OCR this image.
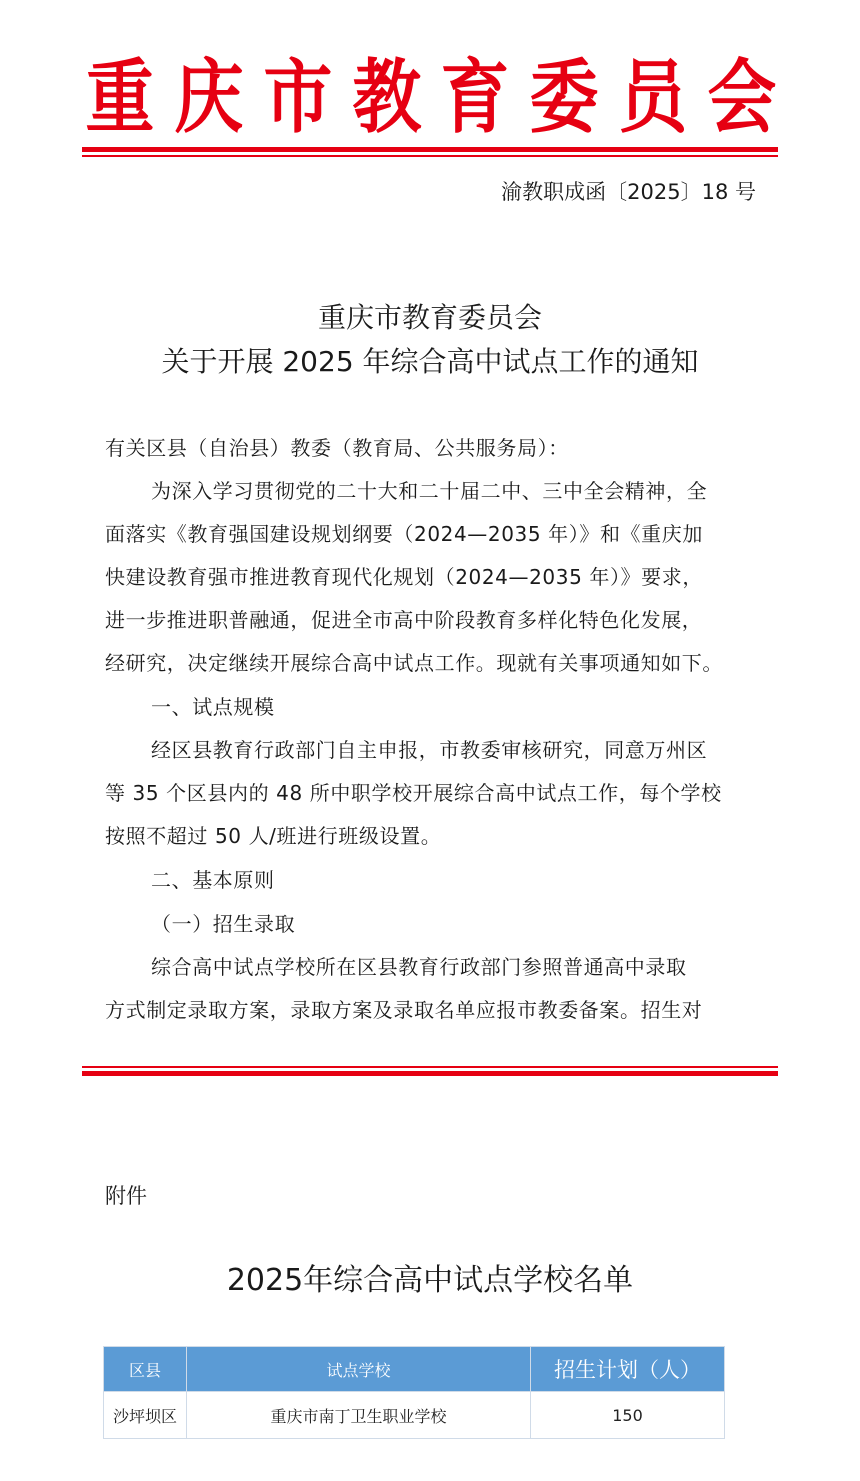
重 庆 市 教 育 委 员 会

渝教职成函〔2025〕18 号

重庆市教育委员会

关于开展 2025 年综合高中试点工作的通知

有关区县（自治县）教委（教育局、公共服务局）：

为深入学习贯彻党的二十大和二十届二中、三中全会精神，全
面落实《教育强国建设规划纲要（2024—2035 年）》和《重庆加
快建设教育强市推进教育现代化规划（2024—2035 年）》要求，
进一步推进职普融通，促进全市高中阶段教育多样化特色化发展，
经研究，决定继续开展综合高中试点工作。现就有关事项通知如下。

一、试点规模

经区县教育行政部门自主申报，市教委审核研究，同意万州区
等 35 个区县内的 48 所中职学校开展综合高中试点工作，每个学校
按照不超过 50 人/班进行班级设置。

二、基本原则

（一）招生录取

综合高中试点学校所在区县教育行政部门参照普通高中录取
方式制定录取方案，录取方案及录取名单应报市教委备案。招生对

附件

2025年综合高中试点学校名单

区县	试点学校	招生计划（人）
沙坪坝区	重庆市南丁卫生职业学校	150
